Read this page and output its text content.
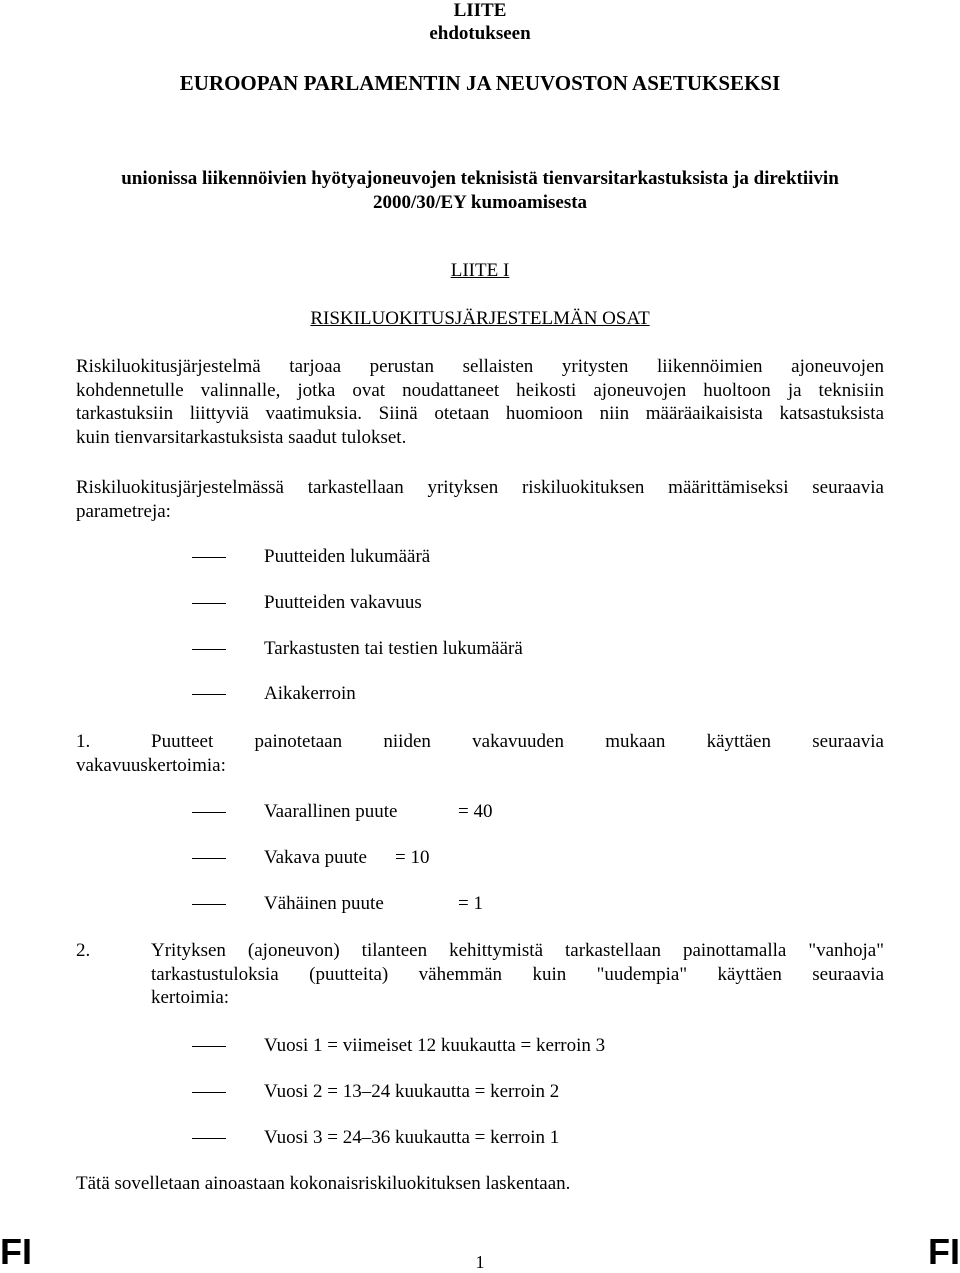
LIITE
ehdotukseen
EUROOPAN PARLAMENTIN JA NEUVOSTON ASETUKSEKSI
unionissa liikennöivien hyötyajoneuvojen teknisistä tienvarsitarkastuksista ja direktiivin
2000/30/EY kumoamisesta
LIITE I
RISKILUOKITUSJÄRJESTELMÄN OSAT
Riskiluokitusjärjestelmä tarjoaa perustan sellaisten yritysten liikennöimien ajoneuvojen
kohdennetulle valinnalle, jotka ovat noudattaneet heikosti ajoneuvojen huoltoon ja teknisiin
tarkastuksiin liittyviä vaatimuksia. Siinä otetaan huomioon niin määräaikaisista katsastuksista
kuin tienvarsitarkastuksista saadut tulokset.
Riskiluokitusjärjestelmässä tarkastellaan yrityksen riskiluokituksen määrittämiseksi seuraavia
parametreja:
Puutteiden lukumäärä
Puutteiden vakavuus
Tarkastusten tai testien lukumäärä
Aikakerroin
1.	Puutteet painotetaan niiden vakavuuden mukaan käyttäen seuraavia
vakavuuskertoimia:
Vaarallinen puute	= 40
Vakava puute = 10
Vähäinen puute	= 1
2.	Yrityksen (ajoneuvon) tilanteen kehittymistä tarkastellaan painottamalla "vanhoja"
tarkastustuloksia (puutteita) vähemmän kuin "uudempia" käyttäen seuraavia
kertoimia:
Vuosi 1 = viimeiset 12 kuukautta = kerroin 3
Vuosi 2 = 13–24 kuukautta = kerroin 2
Vuosi 3 = 24–36 kuukautta = kerroin 1
Tätä sovelletaan ainoastaan kokonaisriskiluokituksen laskentaan.
FI	1	FI
